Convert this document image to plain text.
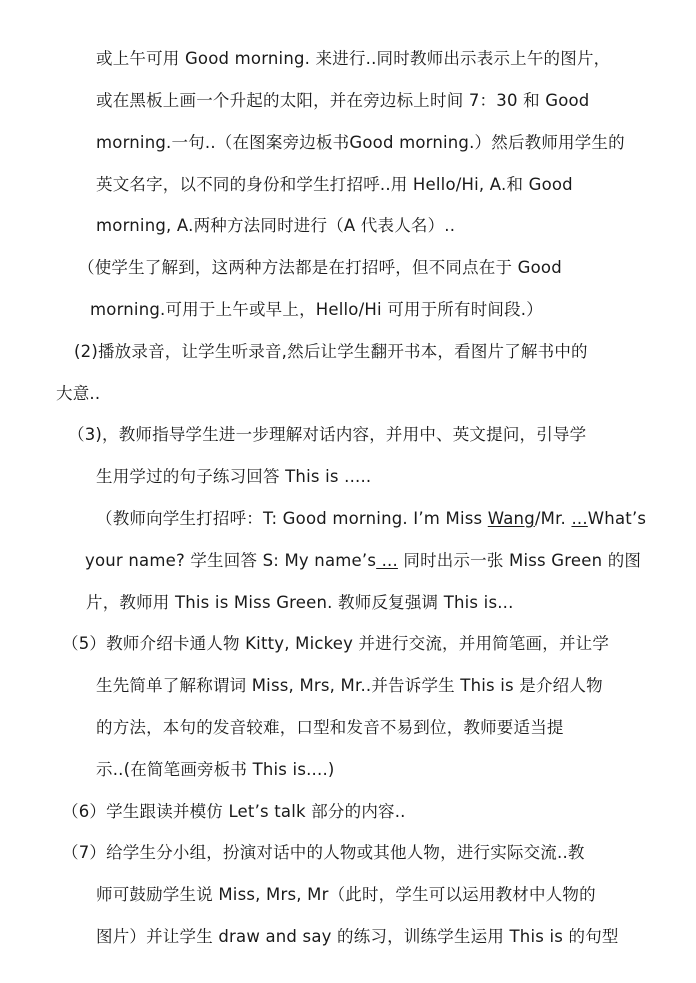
或上午可用 Good morning. 来进行..同时教师出示表示上午的图片，
或在黑板上画一个升起的太阳，并在旁边标上时间 7：30 和 Good
morning.一句..（在图案旁边板书Good morning.）然后教师用学生的
英文名字，以不同的身份和学生打招呼..用 Hello/Hi, A.和 Good
morning, A.两种方法同时进行（A 代表人名）..
（使学生了解到，这两种方法都是在打招呼，但不同点在于 Good
morning.可用于上午或早上，Hello/Hi 可用于所有时间段.）
(2)播放录音，让学生听录音,然后让学生翻开书本，看图片了解书中的
大意..
（3)，教师指导学生进一步理解对话内容，并用中、英文提问，引导学
生用学过的句子练习回答 This is .....
（教师向学生打招呼：T: Good morning. I’m Miss Wang/Mr. ...What’s
your name? 学生回答 S: My name’s ... 同时出示一张 Miss Green 的图
片，教师用 This is Miss Green. 教师反复强调 This is...
（5）教师介绍卡通人物 Kitty, Mickey 并进行交流，并用简笔画，并让学
生先简单了解称谓词 Miss, Mrs, Mr..并告诉学生 This is 是介绍人物
的方法，本句的发音较难，口型和发音不易到位，教师要适当提
示..(在简笔画旁板书 This is....)
（6）学生跟读并模仿 Let’s talk 部分的内容..
（7）给学生分小组，扮演对话中的人物或其他人物，进行实际交流..教
师可鼓励学生说 Miss, Mrs, Mr（此时，学生可以运用教材中人物的
图片）并让学生 draw and say 的练习，训练学生运用 This is 的句型
